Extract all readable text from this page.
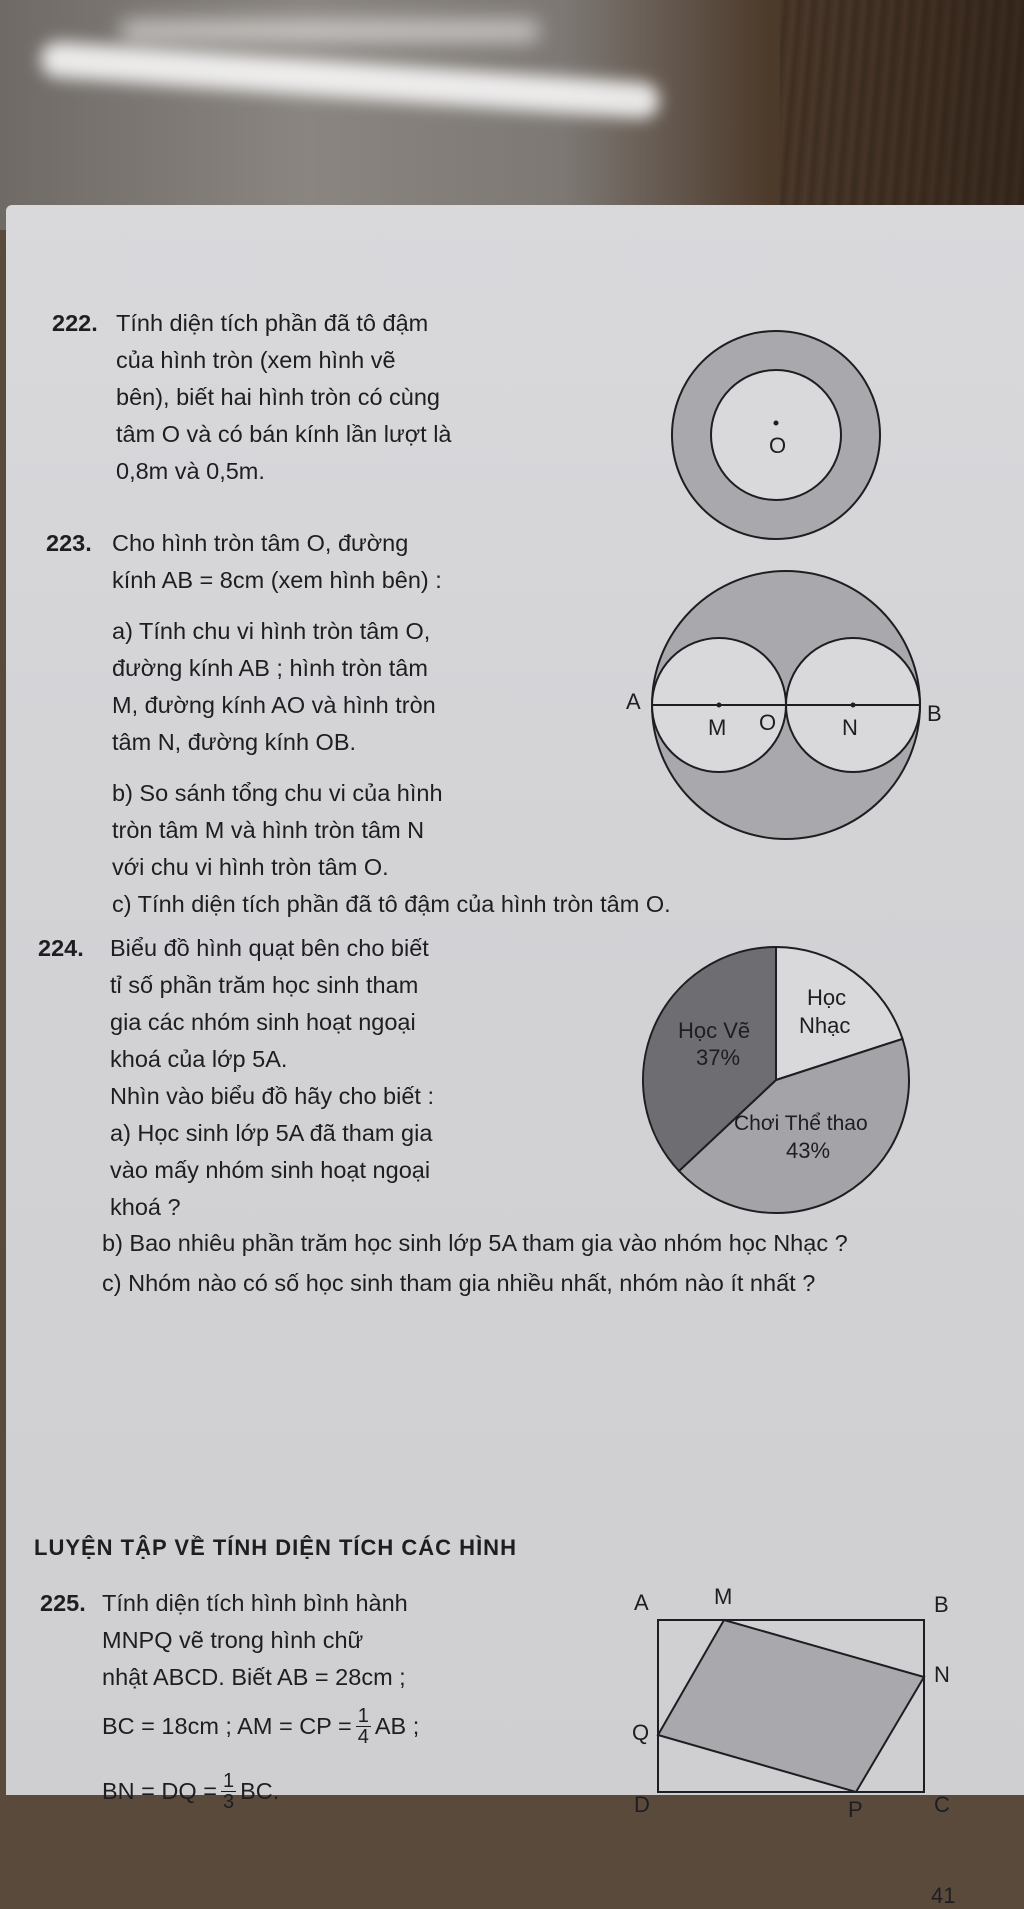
222. Tính diện tích phần đã tô đậm
của hình tròn (xem hình vẽ
bên), biết hai hình tròn có cùng
tâm O và có bán kính lần lượt là
0,8m và 0,5m.
O
223. Cho hình tròn tâm O, đường
kính AB = 8cm (xem hình bên) :
a) Tính chu vi hình tròn tâm O,
đường kính AB ; hình tròn tâm
M, đường kính AO và hình tròn
tâm N, đường kính OB.
b) So sánh tổng chu vi của hình
tròn tâm M và hình tròn tâm N
với chu vi hình tròn tâm O.
c) Tính diện tích phần đã tô đậm của hình tròn tâm O.
A	B
M O	N
224. Biểu đồ hình quạt bên cho biết
tỉ số phần trăm học sinh tham
gia các nhóm sinh hoạt ngoại
khoá của lớp 5A.
Nhìn vào biểu đồ hãy cho biết :
a) Học sinh lớp 5A đã tham gia
vào mấy nhóm sinh hoạt ngoại
khoá ?
b) Bao nhiêu phần trăm học sinh lớp 5A tham gia vào nhóm học Nhạc ?
c) Nhóm nào có số học sinh tham gia nhiều nhất, nhóm nào ít nhất ?
Học Vẽ
37%
Học
Nhạc
Chơi Thể thao
43%
LUYỆN TẬP VỀ TÍNH DIỆN TÍCH CÁC HÌNH
225. Tính diện tích hình bình hành
MNPQ vẽ trong hình chữ
nhật ABCD. Biết AB = 28cm ;
BC = 18cm ; AM = CP = $\frac{1}{4}$ AB ;
BN = DQ = $\frac{1}{3}$ BC.
A	M	B
N
Q
D	P	C
41
